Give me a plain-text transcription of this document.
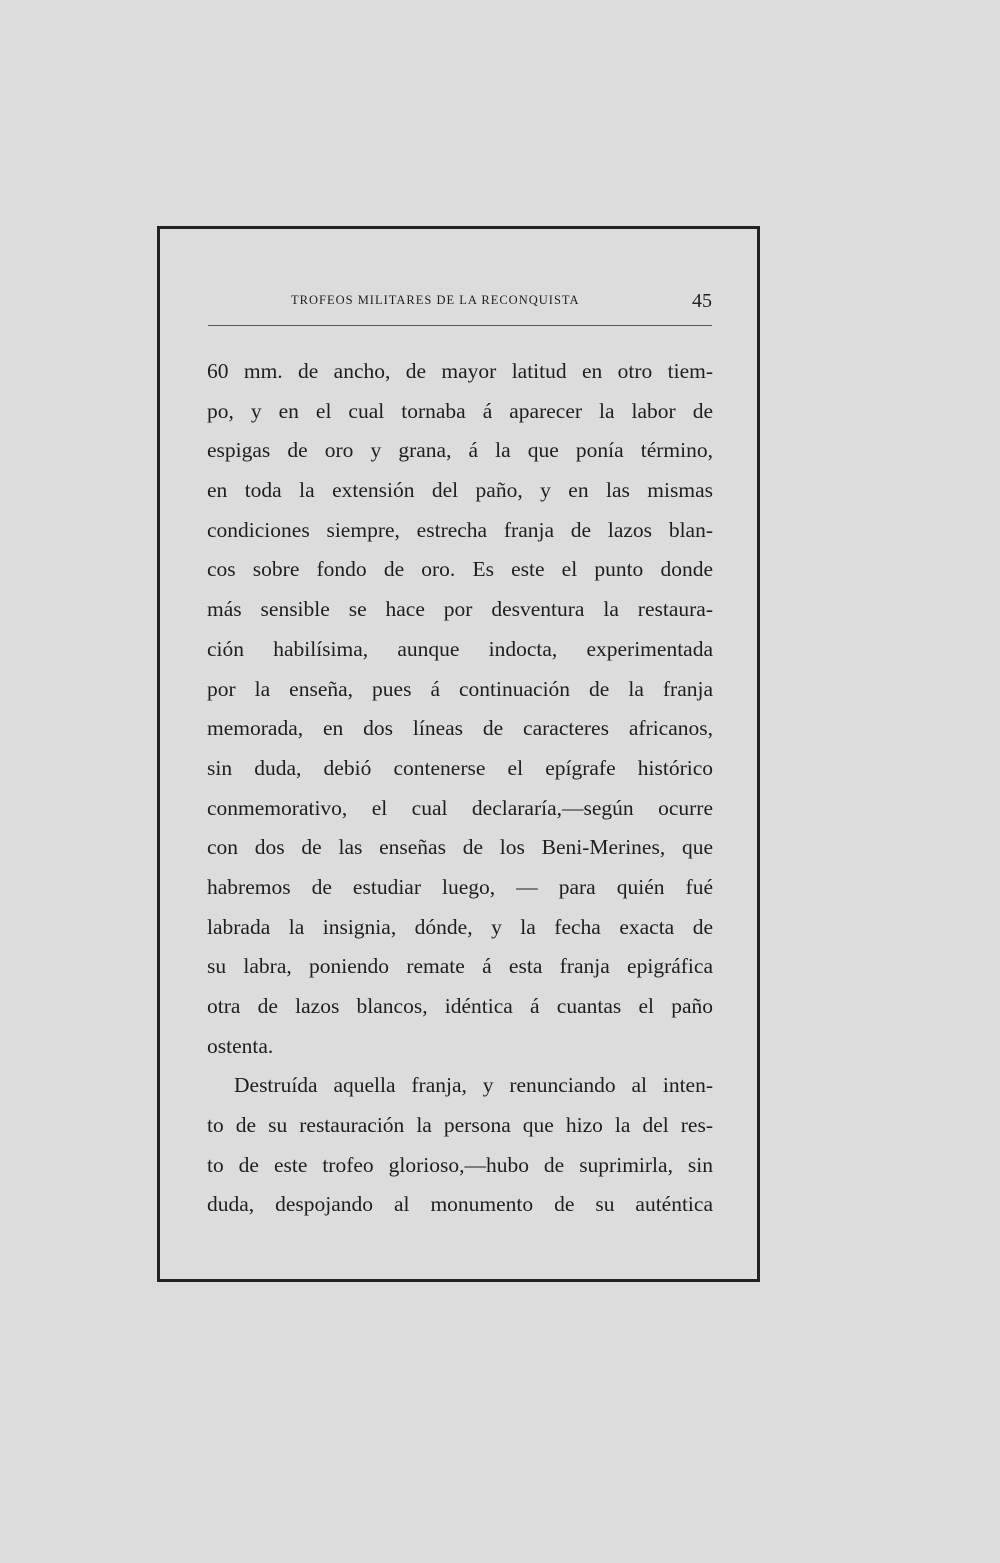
TROFEOS MILITARES DE LA RECONQUISTA	45
60 mm. de ancho, de mayor latitud en otro tiem-
po, y en el cual tornaba á aparecer la labor de
espigas de oro y grana, á la que ponía término,
en toda la extensión del paño, y en las mismas
condiciones siempre, estrecha franja de lazos blan-
cos sobre fondo de oro. Es este el punto donde
más sensible se hace por desventura la restaura-
ción habilísima, aunque indocta, experimentada
por la enseña, pues á continuación de la franja
memorada, en dos líneas de caracteres africanos,
sin duda, debió contenerse el epígrafe histórico
conmemorativo, el cual declararía,—según ocurre
con dos de las enseñas de los Beni-Merines, que
habremos de estudiar luego, — para quién fué
labrada la insignia, dónde, y la fecha exacta de
su labra, poniendo remate á esta franja epigráfica
otra de lazos blancos, idéntica á cuantas el paño
ostenta.
Destruída aquella franja, y renunciando al inten-
to de su restauración la persona que hizo la del res-
to de este trofeo glorioso,—hubo de suprimirla, sin
duda, despojando al monumento de su auténtica
